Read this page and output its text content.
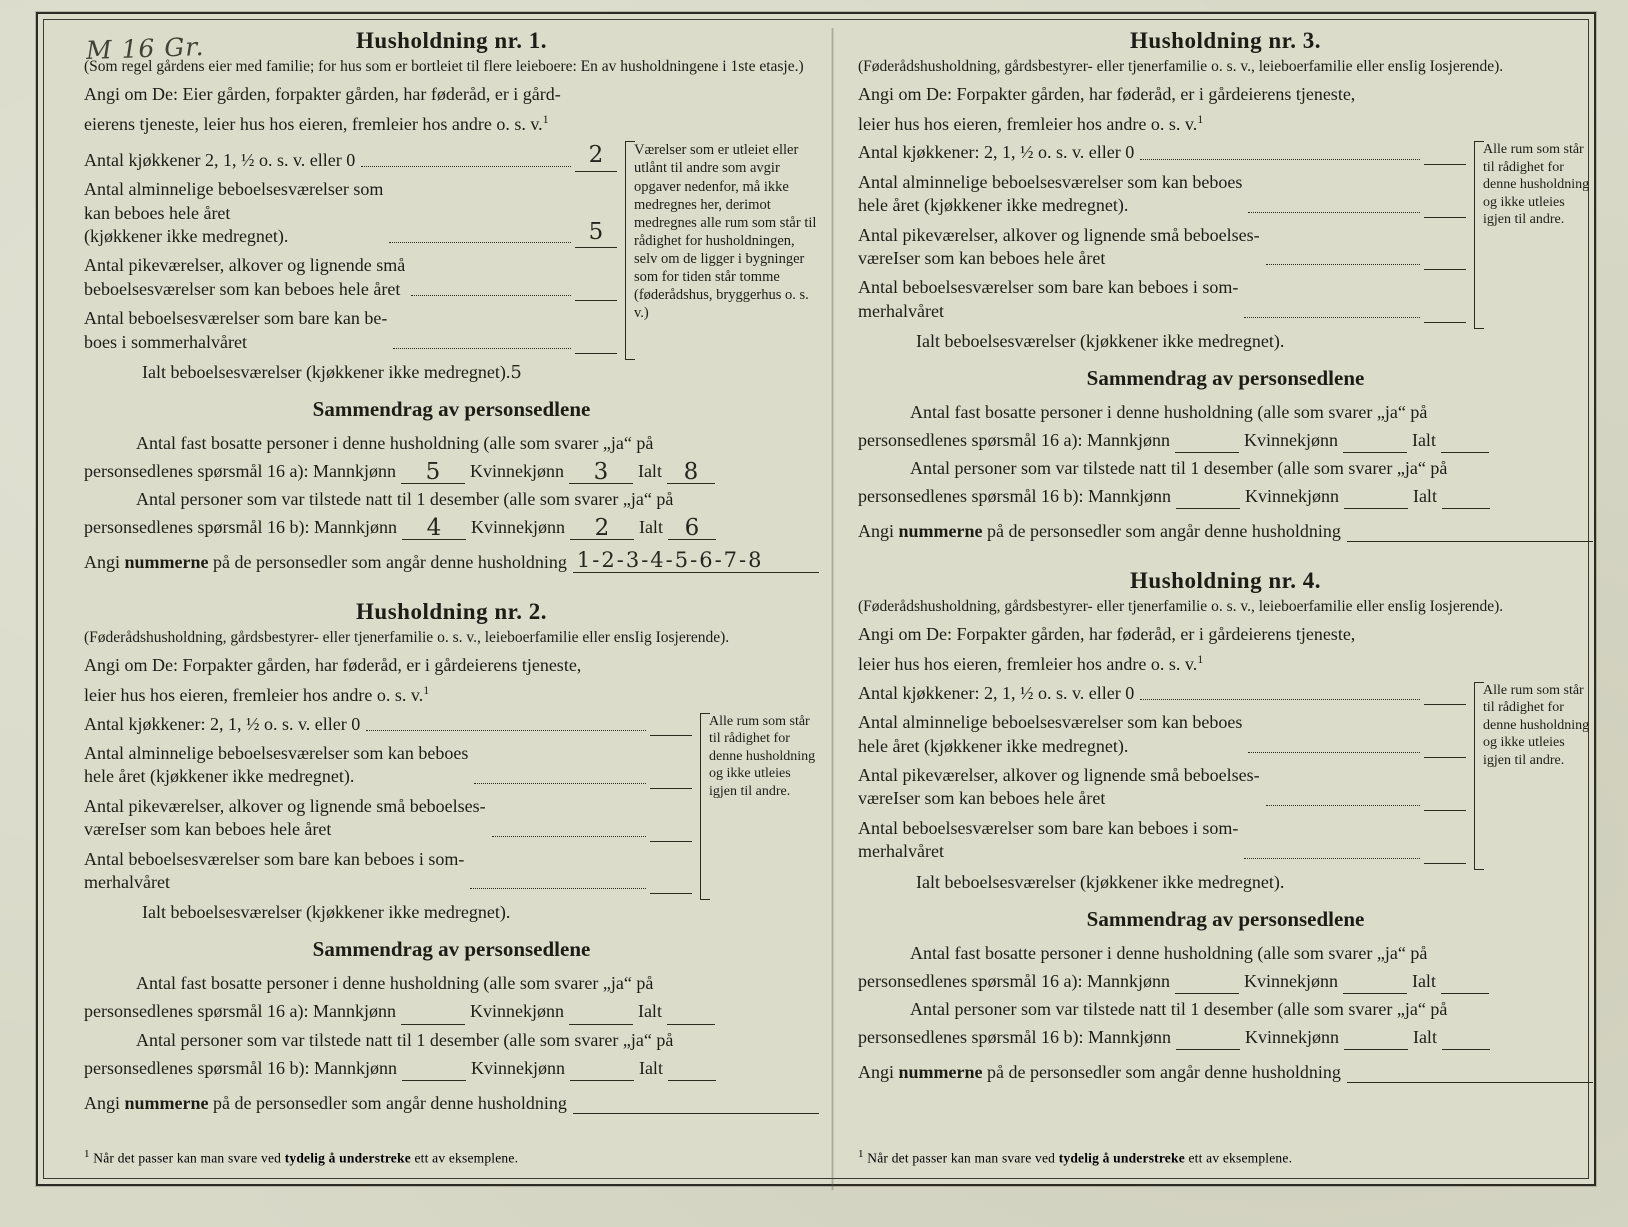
M 16 Gr.	Husholdning nr. 1.
(Som regel gårdens eier med familie; for hus som er bortleiet til flere leieboere: En av husholdningene i 1ste etasje.)
Angi om De: Eier gården, forpakter gården, har føderåd, er i gård-
eierens tjeneste, leier hus hos eieren, fremleier hos andre o. s. v.$^1$
Antal kjøkkener 2, 1, ½ o. s. v. eller 0	2
Antal alminnelige beboelsesværelser som
kan beboes hele året
(kjøkkener ikke medregnet).	5
Antal pikeværelser, alkover og lignende små
beboelsesværelser som kan beboes hele året
Antal beboelsesværelser som bare kan be-
boes i sommerhalvåret
Værelser som er utleiet eller utlånt til andre som avgir opgaver nedenfor, må ikke medregnes her, derimot medregnes alle rum som står til rådighet for husholdningen, selv om de ligger i bygninger som for tiden står tomme (føderådshus, bryggerhus o. s. v.)
Ialt beboelsesværelser (kjøkkener ikke medregnet). 5
Sammendrag av personsedlene
Antal fast bosatte personer i denne husholdning (alle som svarer „ja“ på
personsedlenes spørsmål 16 a): Mannkjønn	5	Kvinnekjønn	3	Ialt 8
Antal personer som var tilstede natt til 1 desember (alle som svarer „ja“ på
personsedlenes spørsmål 16 b): Mannkjønn	4	Kvinnekjønn	2	Ialt 6
Angi nummerne på de personsedler som angår denne husholdning 1-2-3-4-5-6-7-8
Husholdning nr. 2.
(Føderådshusholdning, gårdsbestyrer- eller tjenerfamilie o. s. v., leieboerfamilie eller ensIig Iosjerende).
Angi om De: Forpakter gården, har føderåd, er i gårdeierens tjeneste,
leier hus hos eieren, fremleier hos andre o. s. v.$^1$
Antal kjøkkener: 2, 1, ½ o. s. v. eller 0
Antal alminnelige beboelsesværelser som kan beboes
hele året (kjøkkener ikke medregnet).
Antal pikeværelser, alkover og lignende små beboelses-
væreIser som kan beboes hele året
Antal beboelsesværelser som bare kan beboes i som-
merhalvåret
Alle rum som står til rådighet for denne husholdning og ikke utleies igjen til andre.
Ialt beboelsesværelser (kjøkkener ikke medregnet).
Sammendrag av personsedlene
Antal fast bosatte personer i denne husholdning (alle som svarer „ja“ på
personsedlenes spørsmål 16 a): Mannkjønn	Kvinnekjønn	Ialt
Antal personer som var tilstede natt til 1 desember (alle som svarer „ja“ på
personsedlenes spørsmål 16 b): Mannkjønn	Kvinnekjønn	Ialt
Angi nummerne på de personsedler som angår denne husholdning
Husholdning nr. 3.
(Føderådshusholdning, gårdsbestyrer- eller tjenerfamilie o. s. v., leieboerfamilie eller ensIig Iosjerende).
Angi om De: Forpakter gården, har føderåd, er i gårdeierens tjeneste,
leier hus hos eieren, fremleier hos andre o. s. v.$^1$
Antal kjøkkener: 2, 1, ½ o. s. v. eller 0
Antal alminnelige beboelsesværelser som kan beboes
hele året (kjøkkener ikke medregnet).
Antal pikeværelser, alkover og lignende små beboelses-
væreIser som kan beboes hele året
Antal beboelsesværelser som bare kan beboes i som-
merhalvåret
Alle rum som står til rådighet for denne husholdning og ikke utleies igjen til andre.
Ialt beboelsesværelser (kjøkkener ikke medregnet).
Sammendrag av personsedlene
Antal fast bosatte personer i denne husholdning (alle som svarer „ja“ på
personsedlenes spørsmål 16 a): Mannkjønn	Kvinnekjønn	Ialt
Antal personer som var tilstede natt til 1 desember (alle som svarer „ja“ på
personsedlenes spørsmål 16 b): Mannkjønn	Kvinnekjønn	Ialt
Angi nummerne på de personsedler som angår denne husholdning
Husholdning nr. 4.
(Føderådshusholdning, gårdsbestyrer- eller tjenerfamilie o. s. v., leieboerfamilie eller ensIig Iosjerende).
Angi om De: Forpakter gården, har føderåd, er i gårdeierens tjeneste,
leier hus hos eieren, fremleier hos andre o. s. v.$^1$
Antal kjøkkener: 2, 1, ½ o. s. v. eller 0
Antal alminnelige beboelsesværelser som kan beboes
hele året (kjøkkener ikke medregnet).
Antal pikeværelser, alkover og lignende små beboelses-
væreIser som kan beboes hele året
Antal beboelsesværelser som bare kan beboes i som-
merhalvåret
Alle rum som står til rådighet for denne husholdning og ikke utleies igjen til andre.
Ialt beboelsesværelser (kjøkkener ikke medregnet).
Sammendrag av personsedlene
Antal fast bosatte personer i denne husholdning (alle som svarer „ja“ på
personsedlenes spørsmål 16 a): Mannkjønn	Kvinnekjønn	Ialt
Antal personer som var tilstede natt til 1 desember (alle som svarer „ja“ på
personsedlenes spørsmål 16 b): Mannkjønn	Kvinnekjønn	Ialt
Angi nummerne på de personsedler som angår denne husholdning
$^1$ Når det passer kan man svare ved tydelig å understreke ett av eksemplene.	$^1$ Når det passer kan man svare ved tydelig å understreke ett av eksemplene.
